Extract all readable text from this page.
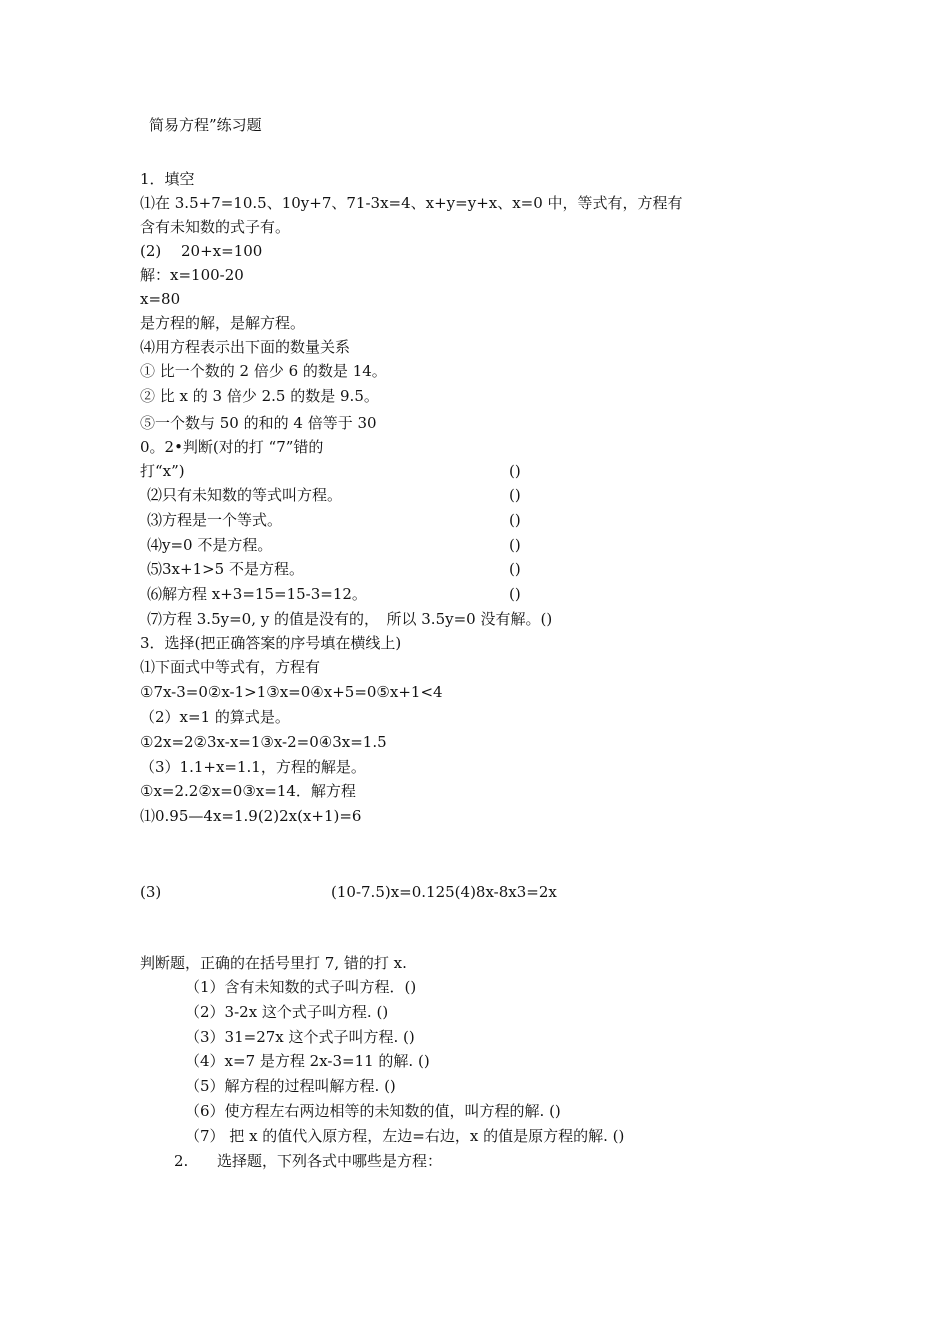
简易方程”练习题
1．填空
⑴在 3.5+7=10.5、10y+7、71-3x=4、x+y=y+x、x=0 中，等式有，方程有
含有未知数的式子有。
(2)　 20+x=100
解：x=100-20
x=80
是方程的解，是解方程。
⑷用方程表示出下面的数量关系
① 比一个数的 2 倍少 6 的数是 14。
② 比 x 的 3 倍少 2.5 的数是 9.5。
⑤一个数与 50 的和的 4 倍等于 30
0。2•判断(对的打 “7”错的
打“x”)	()
⑵只有未知数的等式叫方程。	()
⑶方程是一个等式。	()
⑷y=0 不是方程。	()
⑸3x+1>5 不是方程。	()
⑹解方程 x+3=15=15-3=12。	()
⑺方程 3.5y=0, y 的值是没有的，　所以 3.5y=0 没有解。()
3．选择(把正确答案的序号填在横线上)
⑴下面式中等式有，方程有
①7x-3=0②x-1>1③x=0④x+5=0⑤x+1<4
（2）x=1 的算式是。
①2x=2②3x-x=1③x-2=0④3x=1.5
（3）1.1+x=1.1，方程的解是。
①x=2.2②x=0③x=14．解方程
⑴0.95—4x=1.9(2)2x(x+1)=6
(3)	(10-7.5)x=0.125(4)8x-8x3=2x
判断题，正确的在括号里打 7, 错的打 x.
（1）含有未知数的式子叫方程．()
（2）3-2x 这个式子叫方程. ()
（3）31=27x 这个式子叫方程. ()
（4）x=7 是方程 2x-3=11 的解. ()
（5）解方程的过程叫解方程. ()
（6）使方程左右两边相等的未知数的值，叫方程的解. ()
（7） 把 x 的值代入原方程，左边=右边，x 的值是原方程的解. ()
2. 选择题，下列各式中哪些是方程：
